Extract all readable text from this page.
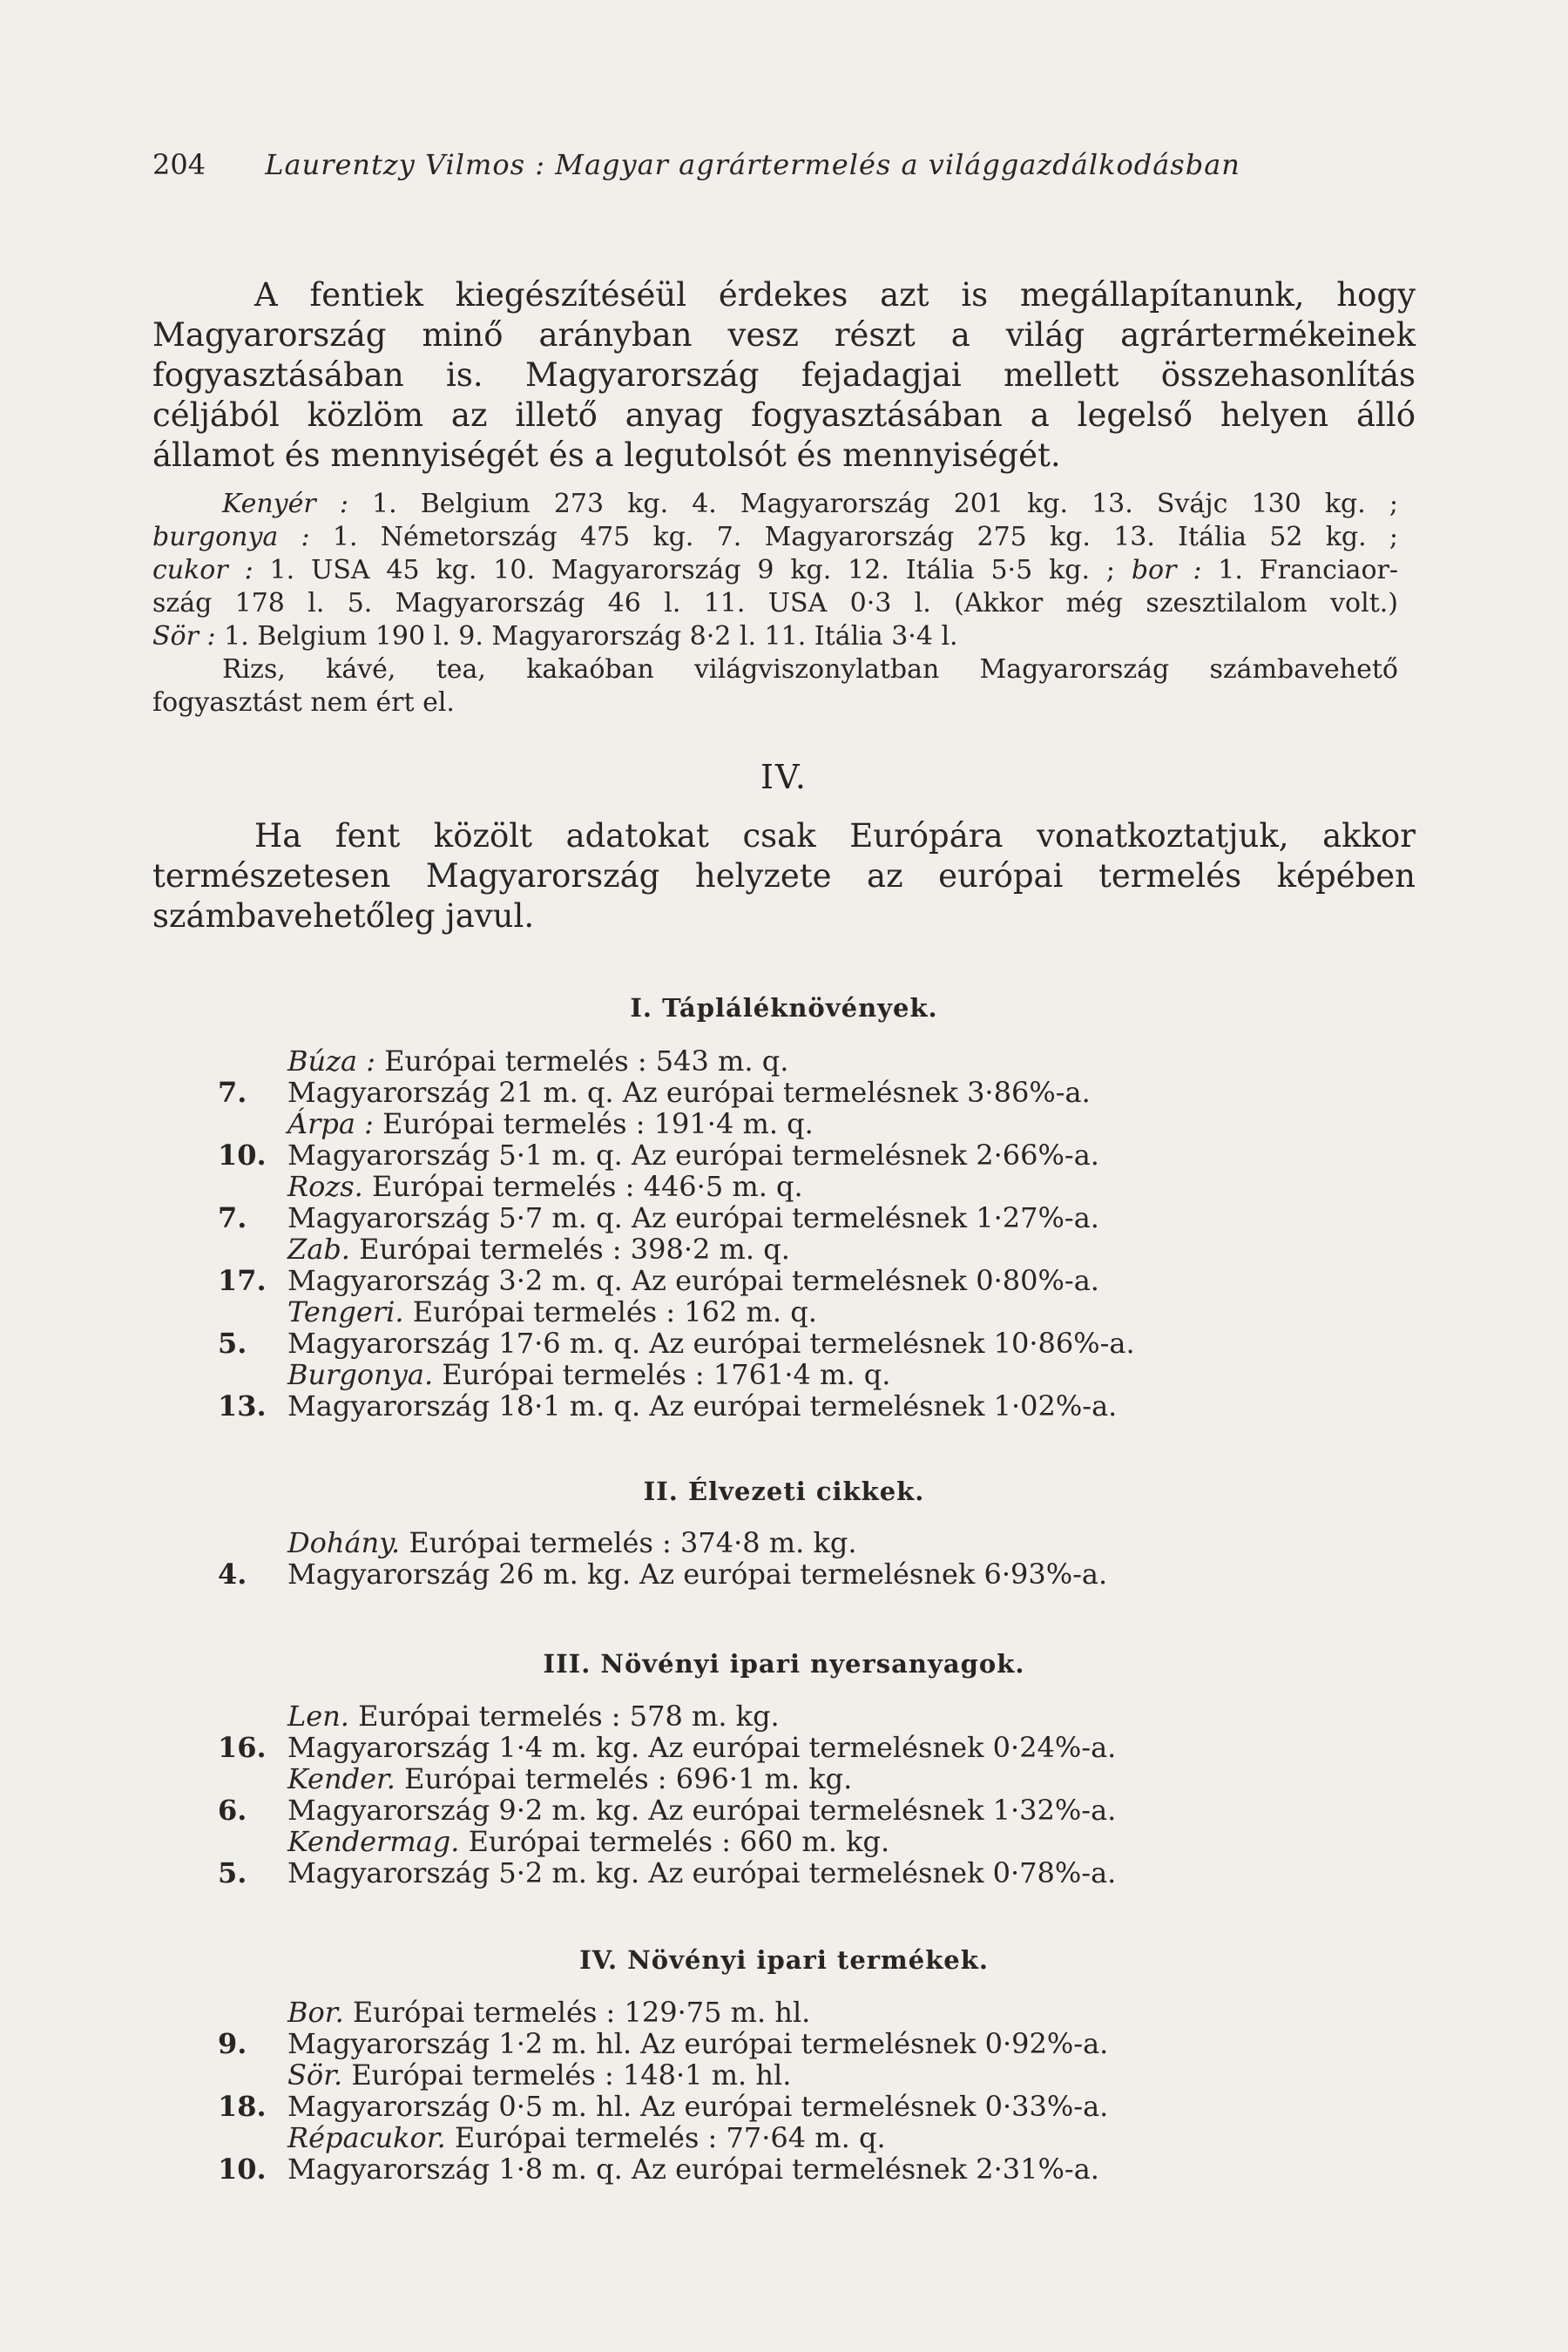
204 Laurentzy Vilmos : Magyar agrártermelés a világgazdálkodásban
A fentiek kiegészítéséül érdekes azt is megállapítanunk, hogy
Magyarország minő arányban vesz részt a világ agrártermékeinek
fogyasztásában is. Magyarország fejadagjai mellett összehasonlítás
céljából közlöm az illető anyag fogyasztásában a legelső helyen álló
államot és mennyiségét és a legutolsót és mennyiségét.
Kenyér : 1. Belgium 273 kg. 4. Magyarország 201 kg. 13. Svájc 130 kg. ;
burgonya : 1. Németország 475 kg. 7. Magyarország 275 kg. 13. Itália 52 kg. ;
cukor : 1. USA 45 kg. 10. Magyarország 9 kg. 12. Itália 5·5 kg. ; bor : 1. Franciaor-
szág 178 l. 5. Magyarország 46 l. 11. USA 0·3 l. (Akkor még szesztilalom volt.)
Sör : 1. Belgium 190 l. 9. Magyarország 8·2 l. 11. Itália 3·4 l.
Rizs, kávé, tea, kakaóban világviszonylatban Magyarország számbavehető
fogyasztást nem ért el.
IV.
Ha fent közölt adatokat csak Európára vonatkoztatjuk, akkor
természetesen Magyarország helyzete az európai termelés képében
számbavehetőleg javul.
I. Tápláléknövények.
Búza : Európai termelés : 543 m. q.
7.	Magyarország 21 m. q. Az európai termelésnek 3·86%-a.
Árpa : Európai termelés : 191·4 m. q.
10. Magyarország 5·1 m. q. Az európai termelésnek 2·66%-a.
Rozs. Európai termelés : 446·5 m. q.
7.	Magyarország 5·7 m. q. Az európai termelésnek 1·27%-a.
Zab. Európai termelés : 398·2 m. q.
17. Magyarország 3·2 m. q. Az európai termelésnek 0·80%-a.
Tengeri. Európai termelés : 162 m. q.
5.	Magyarország 17·6 m. q. Az európai termelésnek 10·86%-a.
Burgonya. Európai termelés : 1761·4 m. q.
13. Magyarország 18·1 m. q. Az európai termelésnek 1·02%-a.
II. Élvezeti cikkek.
Dohány. Európai termelés : 374·8 m. kg.
4.	Magyarország 26 m. kg. Az európai termelésnek 6·93%-a.
III. Növényi ipari nyersanyagok.
Len. Európai termelés : 578 m. kg.
16. Magyarország 1·4 m. kg. Az európai termelésnek 0·24%-a.
Kender. Európai termelés : 696·1 m. kg.
6.	Magyarország 9·2 m. kg. Az európai termelésnek 1·32%-a.
Kendermag. Európai termelés : 660 m. kg.
5.	Magyarország 5·2 m. kg. Az európai termelésnek 0·78%-a.
IV. Növényi ipari termékek.
Bor. Európai termelés : 129·75 m. hl.
9.	Magyarország 1·2 m. hl. Az európai termelésnek 0·92%-a.
Sör. Európai termelés : 148·1 m. hl.
18. Magyarország 0·5 m. hl. Az európai termelésnek 0·33%-a.
Répacukor. Európai termelés : 77·64 m. q.
10. Magyarország 1·8 m. q. Az európai termelésnek 2·31%-a.
